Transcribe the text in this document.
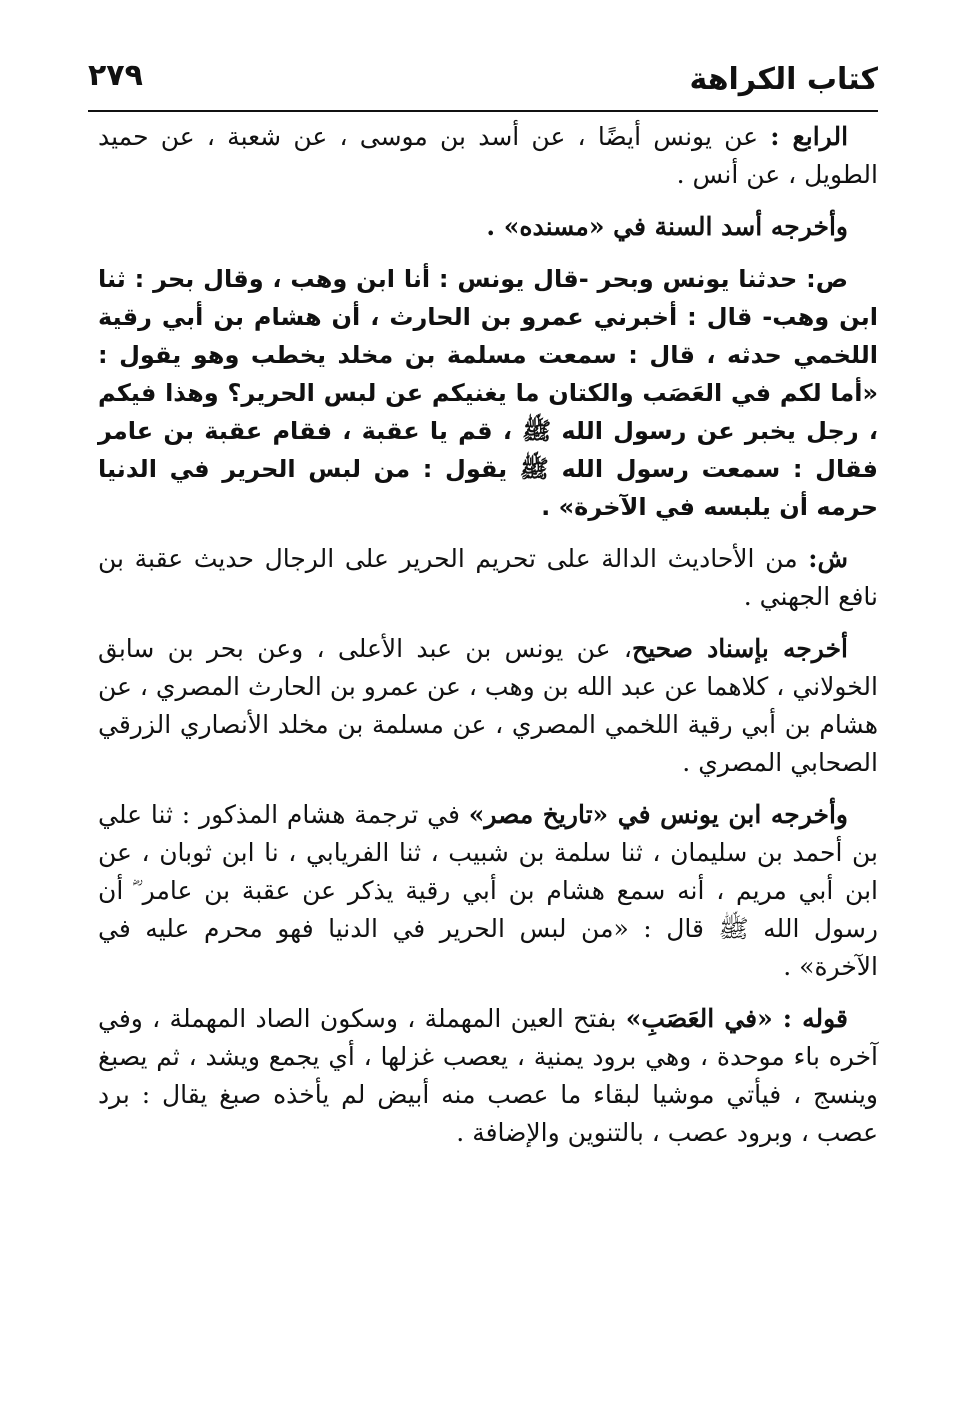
كتاب الكراهة
٢٧٩

الرابع : عن يونس أيضًا ، عن أسد بن موسى ، عن شعبة ، عن حميد الطويل ، عن أنس .

وأخرجه أسد السنة في «مسنده» .

ص: حدثنا يونس وبحر -قال يونس : أنا ابن وهب ، وقال بحر : ثنا ابن وهب- قال : أخبرني عمرو بن الحارث ، أن هشام بن أبي رقية اللخمي حدثه ، قال : سمعت مسلمة بن مخلد يخطب وهو يقول : «أما لكم في العَصَب والكتان ما يغنيكم عن لبس الحرير؟ وهذا فيكم ، رجل يخبر عن رسول الله ﷺ ، قم يا عقبة ، فقام عقبة بن عامر فقال : سمعت رسول الله ﷺ يقول : من لبس الحرير في الدنيا حرمه أن يلبسه في الآخرة» .

ش: من الأحاديث الدالة على تحريم الحرير على الرجال حديث عقبة بن نافع الجهني .

أخرجه بإسناد صحيح، عن يونس بن عبد الأعلى ، وعن بحر بن سابق الخولاني ، كلاهما عن عبد الله بن وهب ، عن عمرو بن الحارث المصري ، عن هشام بن أبي رقية اللخمي المصري ، عن مسلمة بن مخلد الأنصاري الزرقي الصحابي المصري .

وأخرجه ابن يونس في «تاريخ مصر» في ترجمة هشام المذكور : ثنا علي بن أحمد بن سليمان ، ثنا سلمة بن شبيب ، ثنا الفريابي ، نا ابن ثوبان ، عن ابن أبي مريم ، أنه سمع هشام بن أبي رقية يذكر عن عقبة بن عامر ؓ أن رسول الله ﷺ قال : «من لبس الحرير في الدنيا فهو محرم عليه في الآخرة» .

قوله : «في العَصَبِ» بفتح العين المهملة ، وسكون الصاد المهملة ، وفي آخره باء موحدة ، وهي برود يمنية ، يعصب غزلها ، أي يجمع ويشد ، ثم يصبغ وينسج ، فيأتي موشيا لبقاء ما عصب منه أبيض لم يأخذه صبغ يقال : برد عصب ، وبرود عصب ، بالتنوين والإضافة .
